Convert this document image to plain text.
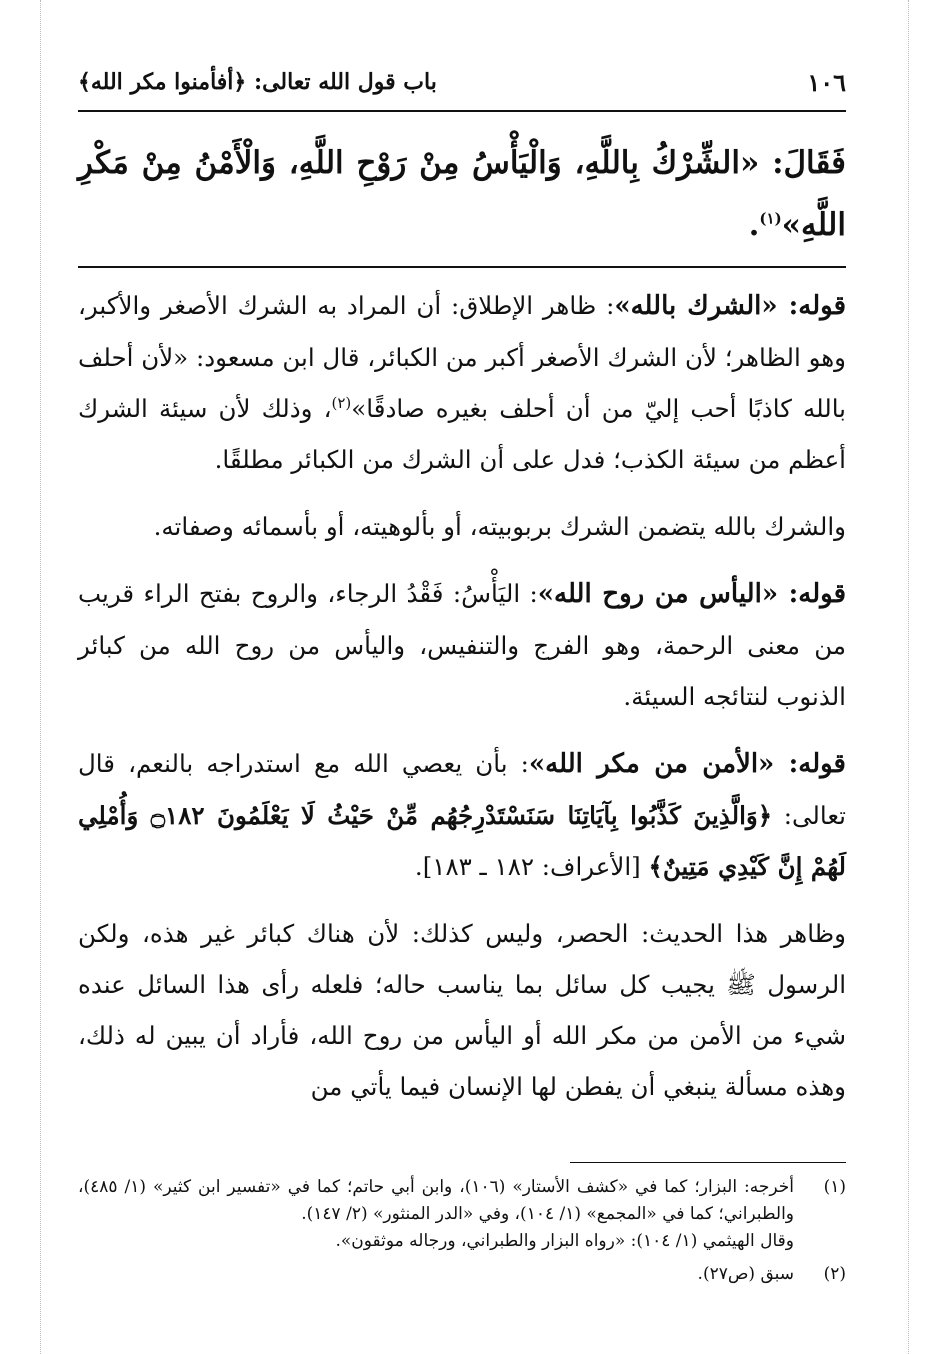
١٠٦
باب قول الله تعالى: ﴿أفأمنوا مكر الله﴾
فَقَالَ: «الشِّرْكُ بِاللَّهِ، وَالْيَأْسُ مِنْ رَوْحِ اللَّهِ، وَالْأَمْنُ مِنْ مَكْرِ اللَّهِ»$^{(١)}$.

قوله: «الشرك بالله»: ظاهر الإطلاق: أن المراد به الشرك الأصغر والأكبر، وهو الظاهر؛ لأن الشرك الأصغر أكبر من الكبائر، قال ابن مسعود: «لأن أحلف بالله كاذبًا أحب إليّ من أن أحلف بغيره صادقًا»$^{(٢)}$، وذلك لأن سيئة الشرك أعظم من سيئة الكذب؛ فدل على أن الشرك من الكبائر مطلقًا.

والشرك بالله يتضمن الشرك بربوبيته، أو بألوهيته، أو بأسمائه وصفاته.

قوله: «اليأس من روح الله»: اليَأْسُ: فَقْدُ الرجاء، والروح بفتح الراء قريب من معنى الرحمة، وهو الفرج والتنفيس، واليأس من روح الله من كبائر الذنوب لنتائجه السيئة.

قوله: «الأمن من مكر الله»: بأن يعصي الله مع استدراجه بالنعم، قال تعالى: ﴿وَالَّذِينَ كَذَّبُوا بِآيَاتِنَا سَنَسْتَدْرِجُهُم مِّنْ حَيْثُ لَا يَعْلَمُونَ ۝١٨٢ وَأُمْلِي لَهُمْ إِنَّ كَيْدِي مَتِينٌ﴾ [الأعراف: ١٨٢ ـ ١٨٣].

وظاهر هذا الحديث: الحصر، وليس كذلك: لأن هناك كبائر غير هذه، ولكن الرسول ﷺ يجيب كل سائل بما يناسب حاله؛ فلعله رأى هذا السائل عنده شيء من الأمن من مكر الله أو اليأس من روح الله، فأراد أن يبين له ذلك، وهذه مسألة ينبغي أن يفطن لها الإنسان فيما يأتي من

(١)
أخرجه: البزار؛ كما في «كشف الأستار» (١٠٦)، وابن أبي حاتم؛ كما في «تفسير ابن كثير» (١/ ٤٨٥)، والطبراني؛ كما في «المجمع» (١/ ١٠٤)، وفي «الدر المنثور» (٢/ ١٤٧).
وقال الهيثمي (١/ ١٠٤): «رواه البزار والطبراني، ورجاله موثقون».
(٢)
سبق (ص٢٧).
